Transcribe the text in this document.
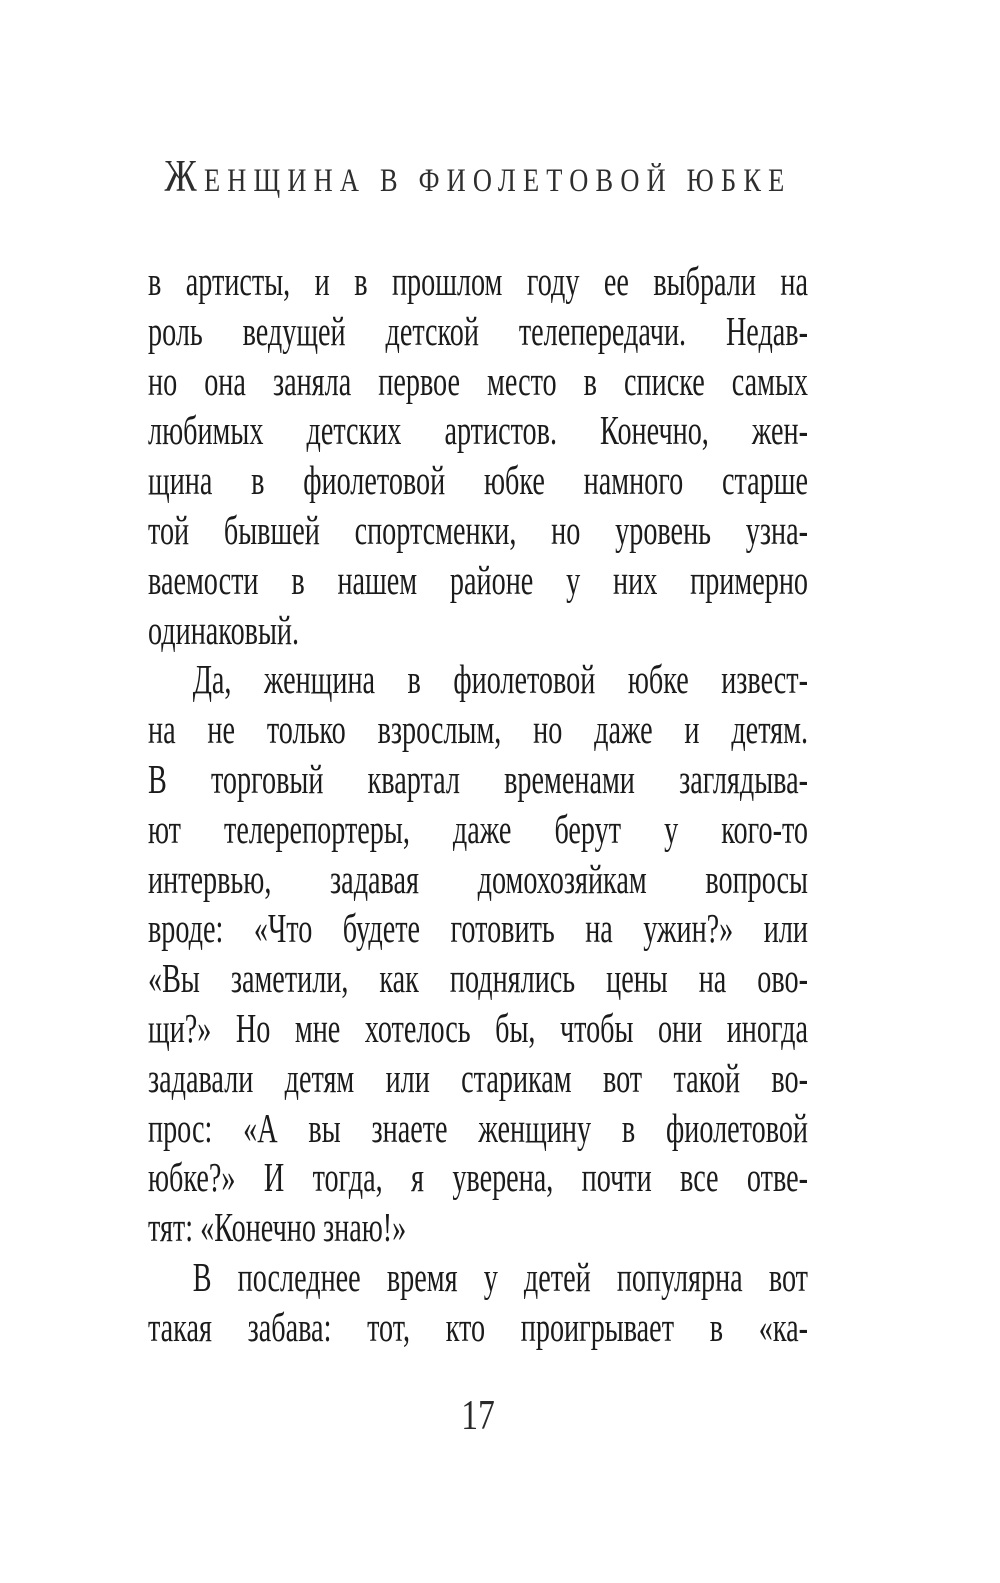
ЖЕНЩИНА В ФИОЛЕТОВОЙ ЮБКЕ
в артисты, и в прошлом году ее выбрали на
роль ведущей детской телепередачи. Недав-
но она заняла первое место в списке самых
любимых детских артистов. Конечно, жен-
щина в фиолетовой юбке намного старше
той бывшей спортсменки, но уровень узна-
ваемости в нашем районе у них примерно
одинаковый.
Да, женщина в фиолетовой юбке извест-
на не только взрослым, но даже и детям.
В торговый квартал временами заглядыва-
ют телерепортеры, даже берут у кого-то
интервью, задавая домохозяйкам вопросы
вроде: «Что будете готовить на ужин?» или
«Вы заметили, как поднялись цены на ово-
щи?» Но мне хотелось бы, чтобы они иногда
задавали детям или старикам вот такой во-
прос: «А вы знаете женщину в фиолетовой
юбке?» И тогда, я уверена, почти все отве-
тят: «Конечно знаю!»
В последнее время у детей популярна вот
такая забава: тот, кто проигрывает в «ка-
17
